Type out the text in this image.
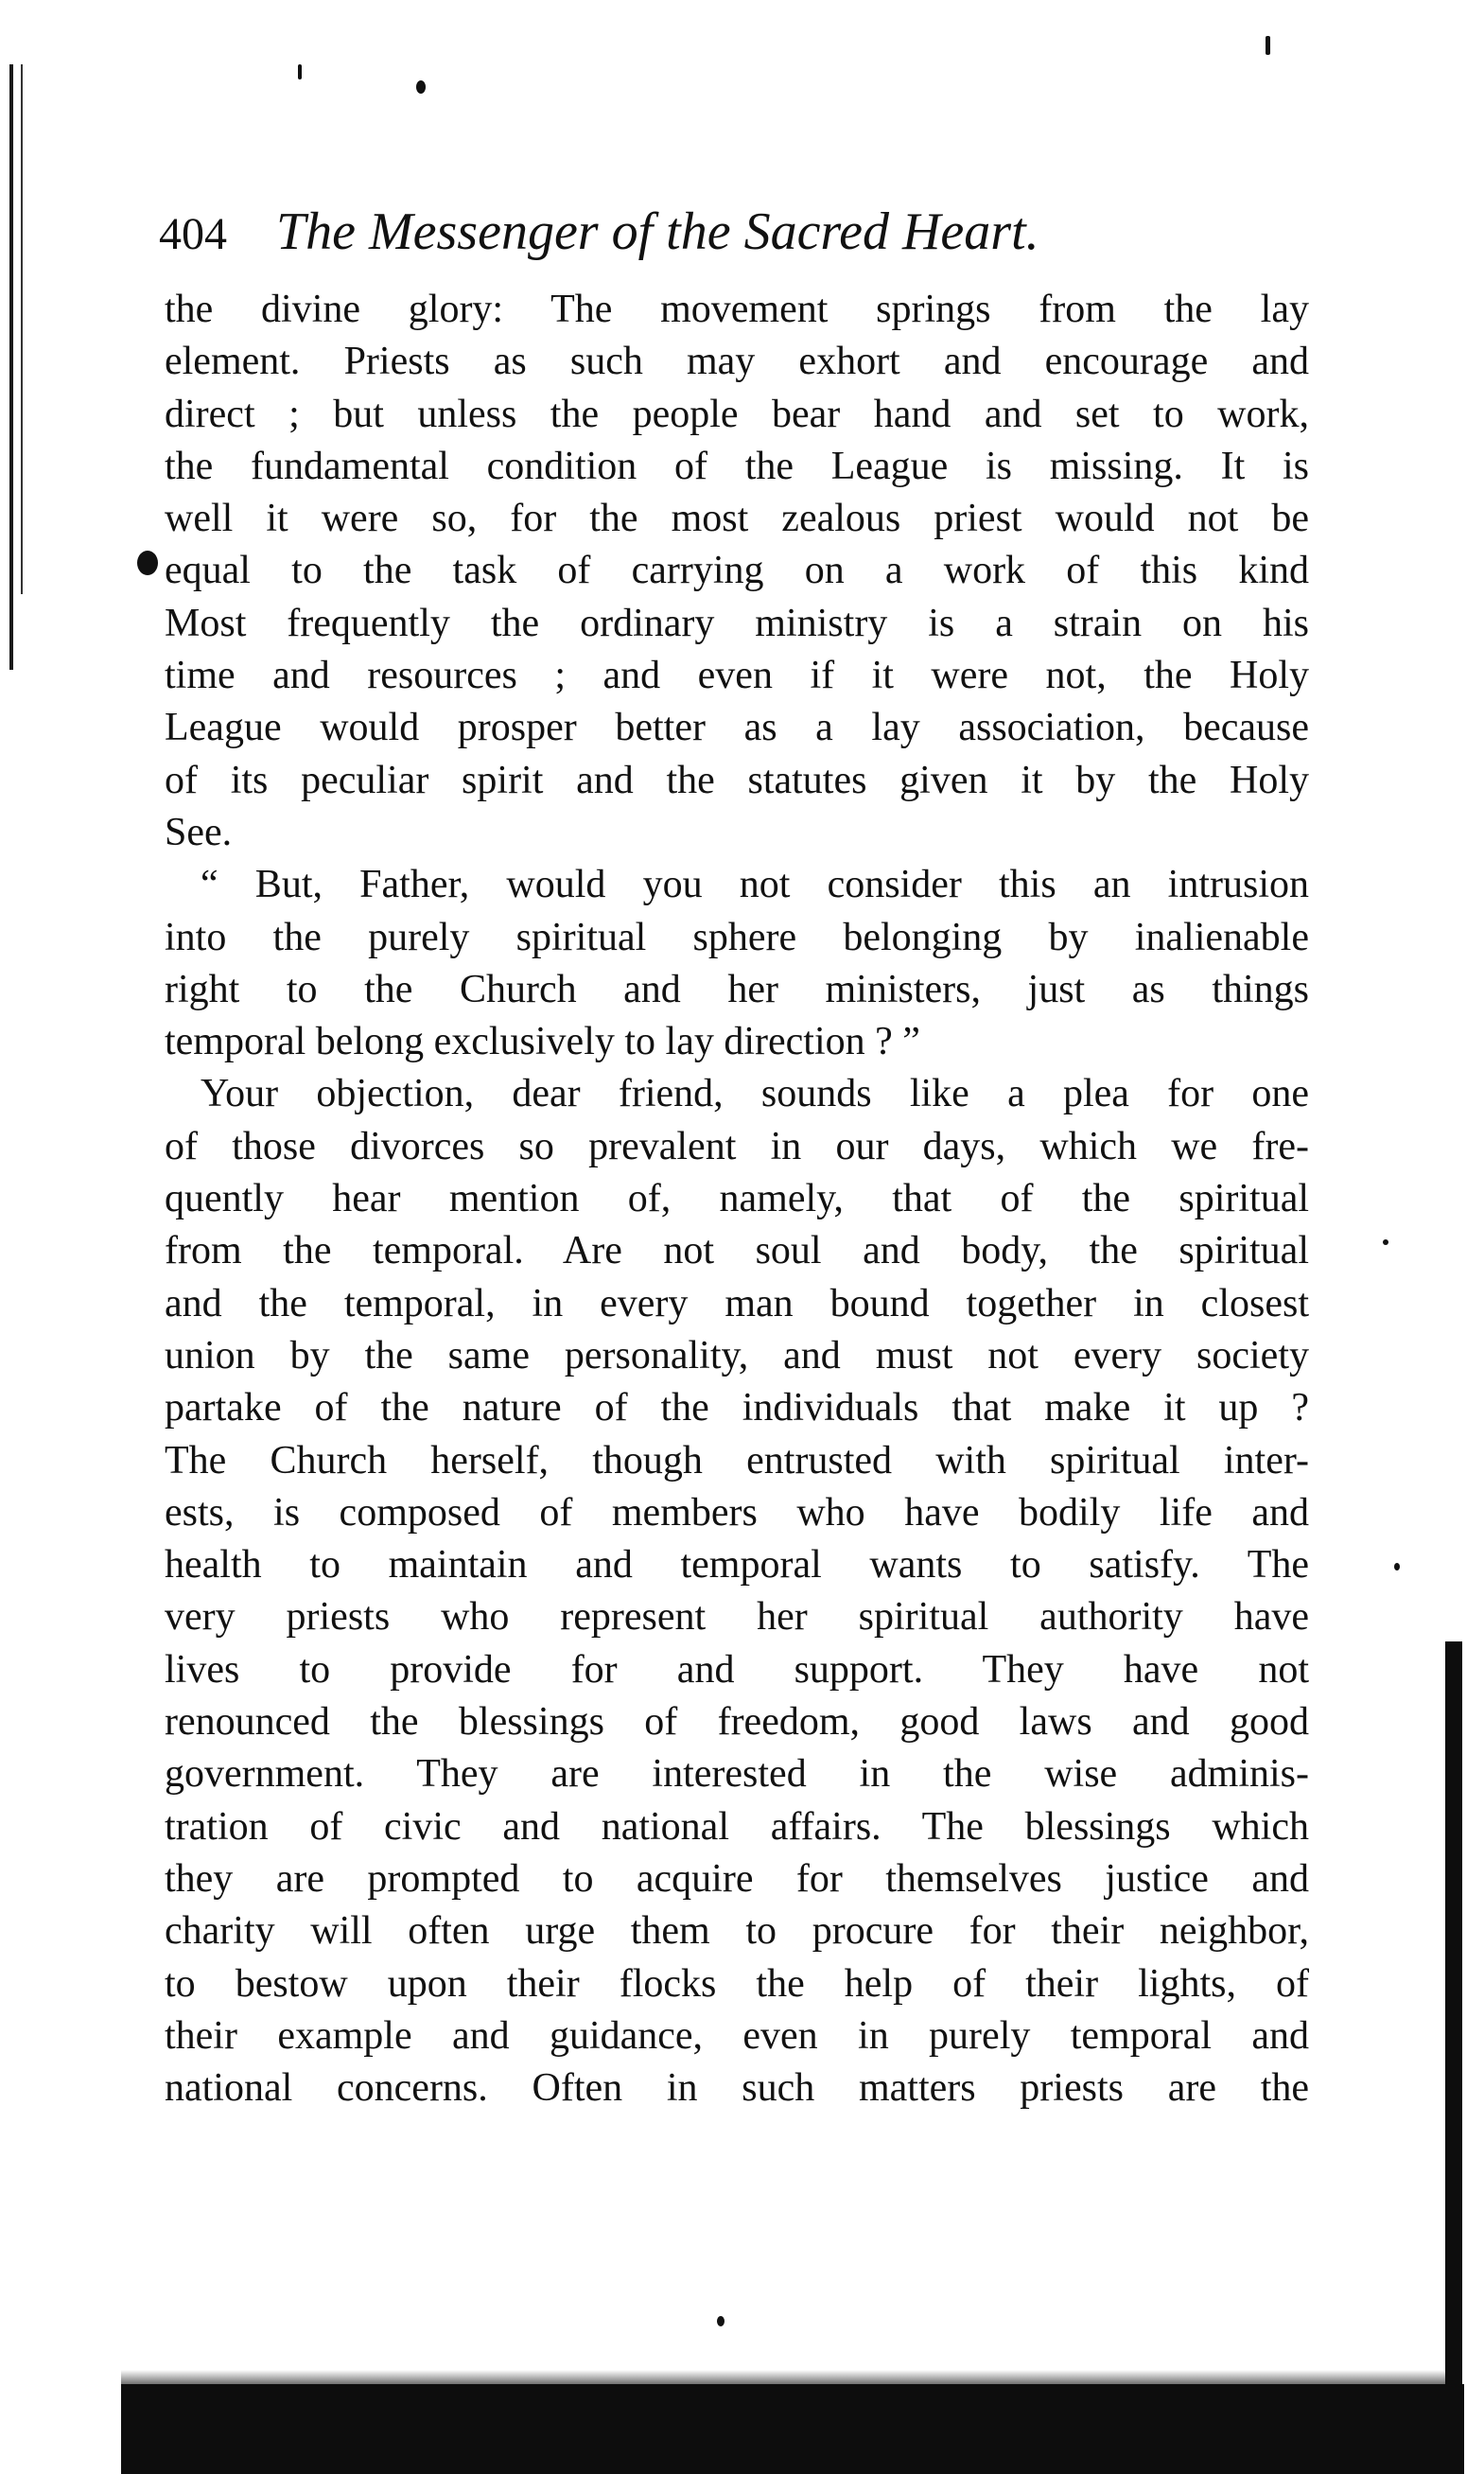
404 The Messenger of the Sacred Heart.
the divine glory: The movement springs from the lay
element. Priests as such may exhort and encourage and
direct ; but unless the people bear hand and set to work,
the fundamental condition of the League is missing. It is
well it were so, for the most zealous priest would not be
equal to the task of carrying on a work of this kind
Most frequently the ordinary ministry is a strain on his
time and resources ; and even if it were not, the Holy
League would prosper better as a lay association, because
of its peculiar spirit and the statutes given it by the Holy
See.
“ But, Father, would you not consider this an intrusion
into the purely spiritual sphere belonging by inalienable
right to the Church and her ministers, just as things
temporal belong exclusively to lay direction ? ”
Your objection, dear friend, sounds like a plea for one
of those divorces so prevalent in our days, which we fre-
quently hear mention of, namely, that of the spiritual
from the temporal. Are not soul and body, the spiritual
and the temporal, in every man bound together in closest
union by the same personality, and must not every society
partake of the nature of the individuals that make it up ?
The Church herself, though entrusted with spiritual inter-
ests, is composed of members who have bodily life and
health to maintain and temporal wants to satisfy. The
very priests who represent her spiritual authority have
lives to provide for and support. They have not
renounced the blessings of freedom, good laws and good
government. They are interested in the wise adminis-
tration of civic and national affairs. The blessings which
they are prompted to acquire for themselves justice and
charity will often urge them to procure for their neighbor,
to bestow upon their flocks the help of their lights, of
their example and guidance, even in purely temporal and
national concerns. Often in such matters priests are the
